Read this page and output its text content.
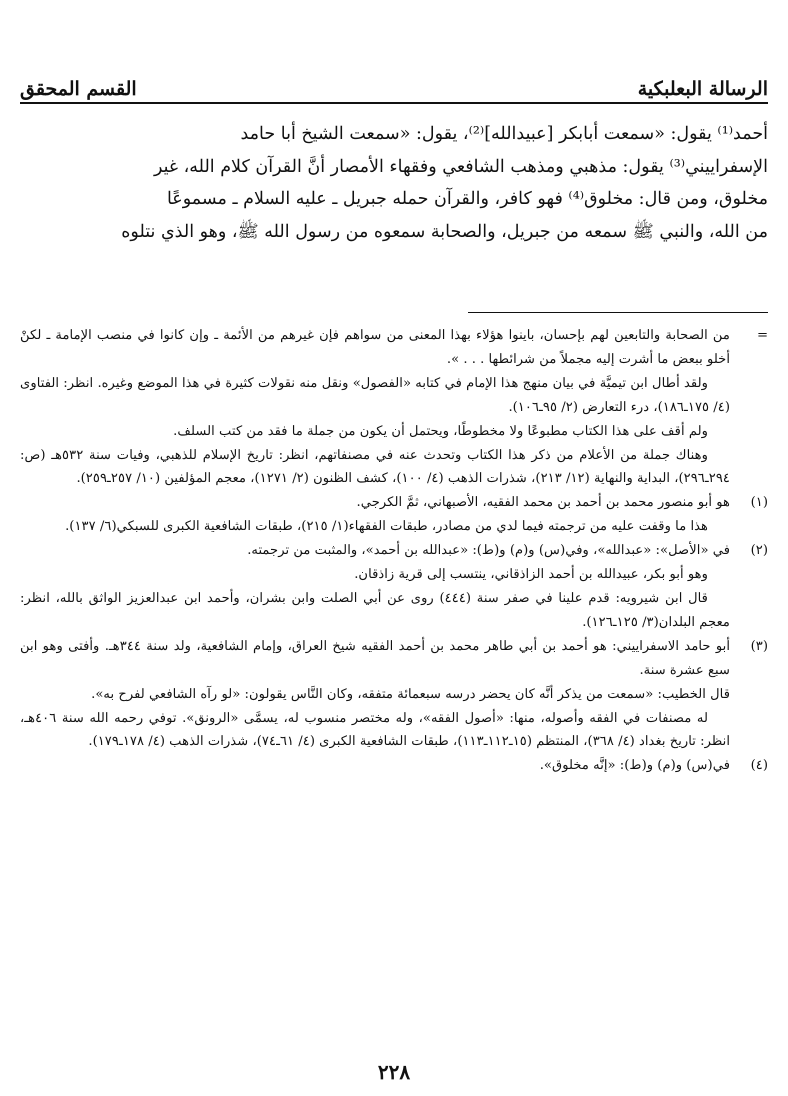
الرسالة البعلبكية
القسم المحقق

أحمد⁽¹⁾ يقول: «سمعت أبابكر [عبيدالله]⁽²⁾، يقول: «سمعت الشيخ أبا حامد

الإسفراييني⁽³⁾ يقول: مذهبي ومذهب الشافعي وفقهاء الأمصار أنَّ القرآن كلام الله، غير

مخلوق، ومن قال: مخلوق⁽⁴⁾ فهو كافر، والقرآن حمله جبريل ـ عليه السلام ـ مسموعًا

من الله، والنبي ﷺ سمعه من جبريل، والصحابة سمعوه من رسول الله ﷺ، وهو الذي نتلوه

=

من الصحابة والتابعين لهم بإحسان، باينوا هؤلاء بهذا المعنى من سواهم فإن غيرهم من الأئمة ـ وإن كانوا في منصب الإمامة ـ لكنْ أخلو ببعض ما أشرت إليه مجملاً من شرائطها . . . ».

ولقد أطال ابن تيميَّة في بيان منهج هذا الإمام في كتابه «الفصول» ونقل منه نقولات كثيرة في هذا الموضع وغيره. انظر: الفتاوى (٤/ ١٧٥ـ١٨٦)، درء التعارض (٢/ ٩٥ـ١٠٦).

ولم أقف على هذا الكتاب مطبوعًا ولا مخطوطًا، ويحتمل أن يكون من جملة ما فقد من كتب السلف.

وهناك جملة من الأعلام من ذكر هذا الكتاب وتحدث عنه في مصنفاتهم، انظر: تاريخ الإسلام للذهبي، وفيات سنة ٥٣٢هـ (ص: ٢٩٤ـ٢٩٦)، البداية والنهاية (١٢/ ٢١٣)، شذرات الذهب (٤/ ١٠٠)، كشف الظنون (٢/ ١٢٧١)، معجم المؤلفين (١٠/ ٢٥٧ـ٢٥٩).

(١)

هو أبو منصور محمد بن أحمد بن محمد الفقيه، الأصبهاني، ثمَّ الكرجي.

هذا ما وقفت عليه من ترجمته فيما لدي من مصادر، طبقات الفقهاء(١/ ٢١٥)، طبقات الشافعية الكبرى للسبكي(٦/ ١٣٧).

(٢)

في «الأصل»: «عبدالله»، وفي(س) و(م) و(ط): «عبدالله بن أحمد»، والمثبت من ترجمته.

وهو أبو بكر، عبيدالله بن أحمد الزاذقاني، ينتسب إلى قرية زاذقان.

قال ابن شيرويه: قدم علينا في صفر سنة (٤٤٤) روى عن أبي الصلت وابن بشران، وأحمد ابن عبدالعزيز الواثق بالله، انظر: معجم البلدان(٣/ ١٢٥ـ١٢٦).

(٣)

أبو حامد الاسفراييني: هو أحمد بن أبي طاهر محمد بن أحمد الفقيه شيخ العراق، وإمام الشافعية، ولد سنة ٣٤٤هـ. وأفتى وهو ابن سبع عشرة سنة.

قال الخطيب: «سمعت من يذكر أنَّه كان يحضر درسه سبعمائة متفقه، وكان النَّاس يقولون: «لو رآه الشافعي لفرح به».

له مصنفات في الفقه وأصوله، منها: «أصول الفقه»، وله مختصر منسوب له، يسمَّى «الرونق». توفي رحمه الله سنة ٤٠٦هـ، انظر: تاريخ بغداد (٤/ ٣٦٨)، المنتظم (١٥ـ١١٢ـ١١٣)، طبقات الشافعية الكبرى (٤/ ٦١ـ٧٤)، شذرات الذهب (٤/ ١٧٨ـ١٧٩).

(٤)

في(س) و(م) و(ط): «إنَّه مخلوق».

٢٢٨
